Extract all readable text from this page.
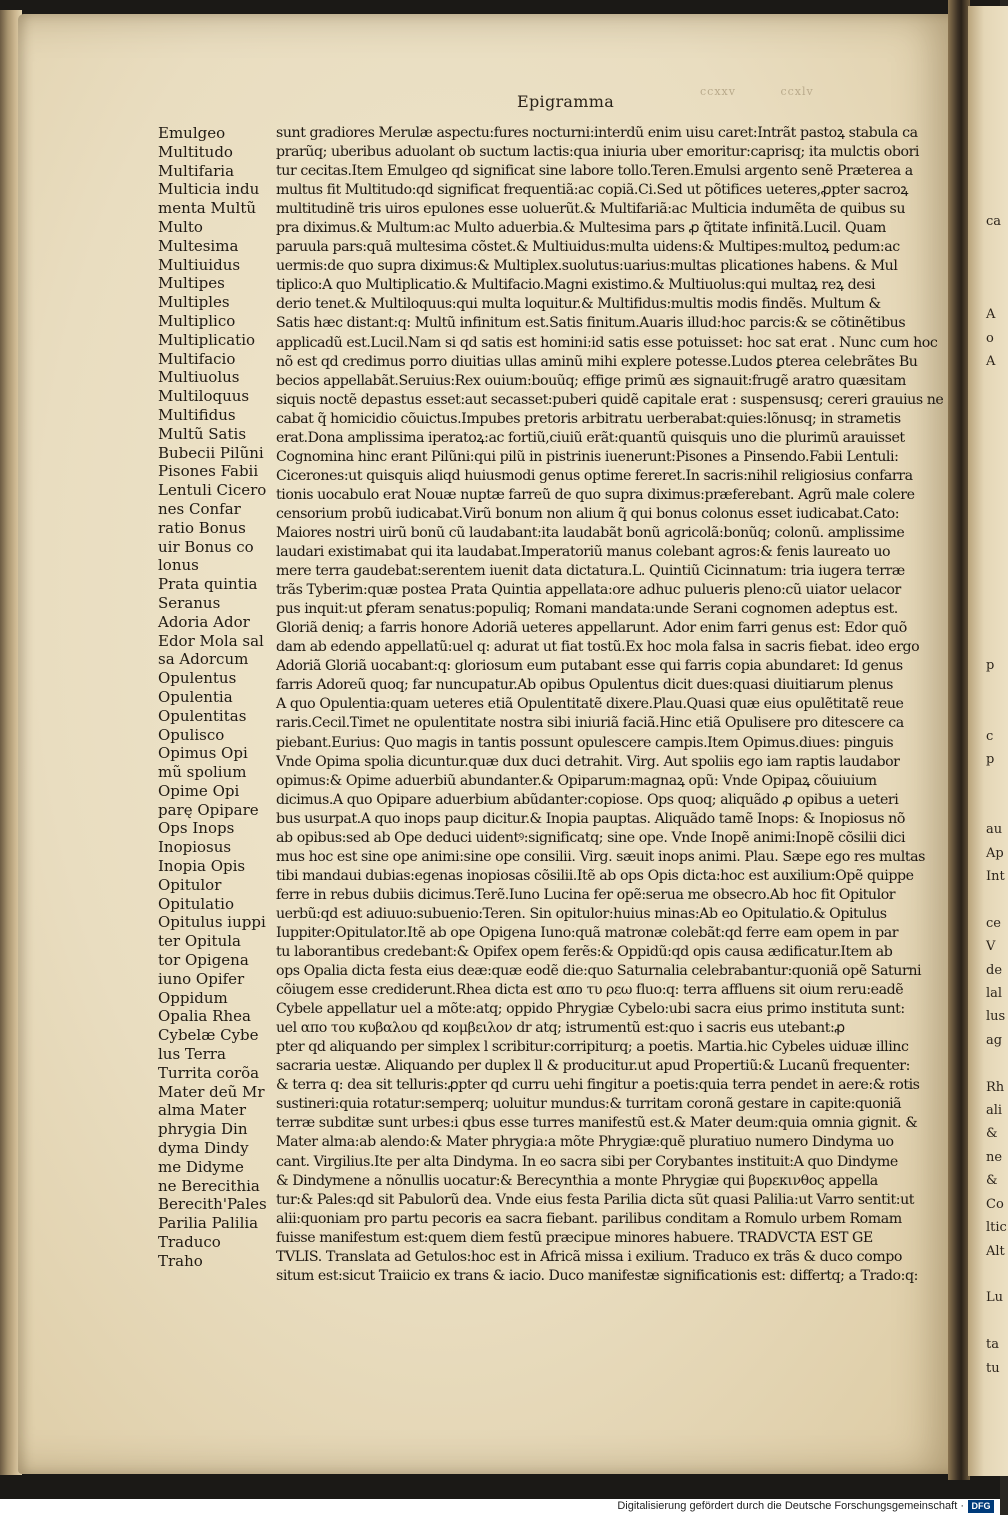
ca

A
o
A

p

c
p

au
Ap
Int

ce
V
de
lal
lus
ag

Rh
ali
&
ne
&
Co
ltic
Alt

Lu

ta
tu

ccxxv	ccxlv
Epigramma
Emulgeo
Multitudo
Multifaria
Multicia indu
menta Multũ
Multo
Multesima
Multiuidus
Multipes
Multiples
Multiplico
Multiplicatio
Multifacio
Multiuolus
Multiloquus
Multifidus
Multũ Satis
Bubecii Pilũni
Pisones Fabii
Lentuli Cicero
nes Confar
ratio Bonus
uir Bonus co
lonus
Prata quintia
Seranus
Adoria Ador
Edor Mola sal
sa Adorcum
Opulentus
Opulentia
Opulentitas
Opulisco
Opimus Opi
mũ spolium
Opime Opi
parę Opipare
Ops Inops
Inopiosus
Inopia Opis
Opitulor
Opitulatio
Opitulus iuppi
ter Opitula
tor Opigena
iuno Opifer
Oppidum
Opalia Rhea
Cybelæ Cybe
lus Terra
Turrita corõa
Mater deũ Mr
alma Mater
phrygia Din
dyma Dindy
me Didyme
ne Berecithia
Berecith'Pales
Parilia Palilia
Traduco
Traho
sunt gradiores Merulæ aspectu:fures nocturni:interdũ enim uisu caret:Intrãt pastoꝝ stabula ca
prarũq; uberibus aduolant ob suctum lactis:qua iniuria uber emoritur:caprisq; ita mulctis obori
tur cecitas.Item Emulgeo qd significat sine labore tollo.Teren.Emulsi argento senẽ Præterea a
multus fit Multitudo:qd significat frequentiã:ac copiã.Ci.Sed ut põtifices ueteres,ꝓpter sacroꝝ
multitudinẽ tris uiros epulones esse uoluerũt.& Multifariã:ac Multicia indumẽta de quibus su
pra diximus.& Multum:ac Multo aduerbia.& Multesima pars ꝓ q̃titate infinitã.Lucil. Quam
paruula pars:quã multesima cõstet.& Multiuidus:multa uidens:& Multipes:multoꝝ pedum:ac
uermis:de quo supra diximus:& Multiplex.suolutus:uarius:multas plicationes habens. & Mul
tiplico:A quo Multiplicatio.& Multifacio.Magni existimo.& Multiuolus:qui multaꝝ reꝝ desi
derio tenet.& Multiloquus:qui multa loquitur.& Multifidus:multis modis findẽs. Multum &
Satis hæc distant:q: Multũ infinitum est.Satis finitum.Auaris illud:hoc parcis:& se cõtinẽtibus
applicadũ est.Lucil.Nam si qd satis est homini:id satis esse potuisset: hoc sat erat . Nunc cum hoc
nõ est qd credimus porro diuitias ullas aminũ mihi explere potesse.Ludos ꝑterea celebrãtes Bu
becios appellabãt.Seruius:Rex ouium:bouũq; effige primũ æs signauit:frugẽ aratro quæsitam
siquis noctẽ depastus esset:aut secasset:puberi quidẽ capitale erat : suspensusq; cereri grauius ne
cabat q̃ homicidio cõuictus.Impubes pretoris arbitratu uerberabat:quies:lõnusq; in strametis
erat.Dona amplissima iperatoꝝ:ac fortiũ,ciuiũ erãt:quantũ quisquis uno die plurimũ arauisset
Cognomina hinc erant Pilũni:qui pilũ in pistrinis iuenerunt:Pisones a Pinsendo.Fabii Lentuli:
Cicerones:ut quisquis aliqd huiusmodi genus optime fereret.In sacris:nihil religiosius confarra
tionis uocabulo erat Nouæ nuptæ farreũ de quo supra diximus:præferebant. Agrũ male colere
censorium probũ iudicabat.Virũ bonum non alium q̃ qui bonus colonus esset iudicabat.Cato:
Maiores nostri uirũ bonũ cũ laudabant:ita laudabãt bonũ agricolã:bonũq; colonũ. amplissime
laudari existimabat qui ita laudabat.Imperatoriũ manus colebant agros:& fenis laureato uo
mere terra gaudebat:serentem iuenit data dictatura.L. Quintiũ Cicinnatum: tria iugera terræ
trãs Tyberim:quæ postea Prata Quintia appellata:ore adhuc pulueris pleno:cũ uiator uelacor
pus inquit:ut ꝑferam senatus:populiq; Romani mandata:unde Serani cognomen adeptus est.
Gloriã deniq; a farris honore Adoriã ueteres appellarunt. Ador enim farri genus est: Edor quõ
dam ab edendo appellatũ:uel q: adurat ut fiat tostũ.Ex hoc mola falsa in sacris fiebat. ideo ergo
Adoriã Gloriã uocabant:q: gloriosum eum putabant esse qui farris copia abundaret: Id genus
farris Adoreũ quoq; far nuncupatur.Ab opibus Opulentus dicit dues:quasi diuitiarum plenus
A quo Opulentia:quam ueteres etiã Opulentitatẽ dixere.Plau.Quasi quæ eius opulẽtitatẽ reue
raris.Cecil.Timet ne opulentitate nostra sibi iniuriã faciã.Hinc etiã Opulisere pro ditescere ca
piebant.Eurius: Quo magis in tantis possunt opulescere campis.Item Opimus.diues: pinguis
Vnde Opima spolia dicuntur.quæ dux duci detrahit. Virg. Aut spoliis ego iam raptis laudabor
opimus:& Opime aduerbiũ abundanter.& Opiparum:magnaꝝ opũ: Vnde Opipaꝝ cõuiuium
dicimus.A quo Opipare aduerbium abũdanter:copiose. Ops quoq; aliquãdo ꝓ opibus a ueteri
bus usurpat.A quo inops paup dicitur.& Inopia pauptas. Aliquãdo tamẽ Inops: & Inopiosus nõ
ab opibus:sed ab Ope deduci uidentꝰ:significatq; sine ope. Vnde Inopẽ animi:Inopẽ cõsilii dici
mus hoc est sine ope animi:sine ope consilii. Virg. sæuit inops animi. Plau. Sæpe ego res multas
tibi mandaui dubias:egenas inopiosas cõsilii.Itẽ ab ops Opis dicta:hoc est auxilium:Opẽ quippe
ferre in rebus dubiis dicimus.Terẽ.Iuno Lucina fer opẽ:serua me obsecro.Ab hoc fit Opitulor
uerbũ:qd est adiuuo:subuenio:Teren. Sin opitulor:huius minas:Ab eo Opitulatio.& Opitulus
Iuppiter:Opitulator.Itẽ ab ope Opigena Iuno:quã matronæ colebãt:qd ferre eam opem in par
tu laborantibus credebant:& Opifex opem ferẽs:& Oppidũ:qd opis causa ædificatur.Item ab
ops Opalia dicta festa eius deæ:quæ eodẽ die:quo Saturnalia celebrabantur:quoniã opẽ Saturni
cõiugem esse crediderunt.Rhea dicta est απο τυ ρεω fluo:q: terra affluens sit oium reru:eadẽ
Cybele appellatur uel a mõte:atq; oppido Phrygiæ Cybelo:ubi sacra eius primo instituta sunt:
uel απο του κυβαλου qd κομβειλον dr atq; istrumentũ est:quo i sacris eus utebant:ꝓ
pter qd aliquando per simplex l scribitur:corripiturq; a poetis. Martia.hic Cybeles uiduæ illinc
sacraria uestæ. Aliquando per duplex ll & producitur.ut apud Propertiũ:& Lucanũ frequenter:
& terra q: dea sit telluris:ꝓpter qd curru uehi fingitur a poetis:quia terra pendet in aere:& rotis
sustineri:quia rotatur:semperq; uoluitur mundus:& turritam coronã gestare in capite:quoniã
terræ subditæ sunt urbes:i qbus esse turres manifestũ est.& Mater deum:quia omnia gignit. &
Mater alma:ab alendo:& Mater phrygia:a mõte Phrygiæ:quẽ pluratiuo numero Dindyma uo
cant. Virgilius.Ite per alta Dindyma. In eo sacra sibi per Corybantes instituit:A quo Dindyme
& Dindymene a nõnullis uocatur:& Berecynthia a monte Phrygiæ qui βυρεκινθος appella
tur:& Pales:qd sit Pabulorũ dea. Vnde eius festa Parilia dicta sũt quasi Palilia:ut Varro sentit:ut
alii:quoniam pro partu pecoris ea sacra fiebant. parilibus conditam a Romulo urbem Romam
fuisse manifestum est:quem diem festũ præcipue minores habuere. TRADVCTA EST GE
TVLIS. Translata ad Getulos:hoc est in Africã missa i exilium. Traduco ex trãs & duco compo
situm est:sicut Traiicio ex trans & iacio. Duco manifestæ significationis est: differtq; a Trado:q:
Digitalisierung gefördert durch die Deutsche Forschungsgemeinschaft · DFG
